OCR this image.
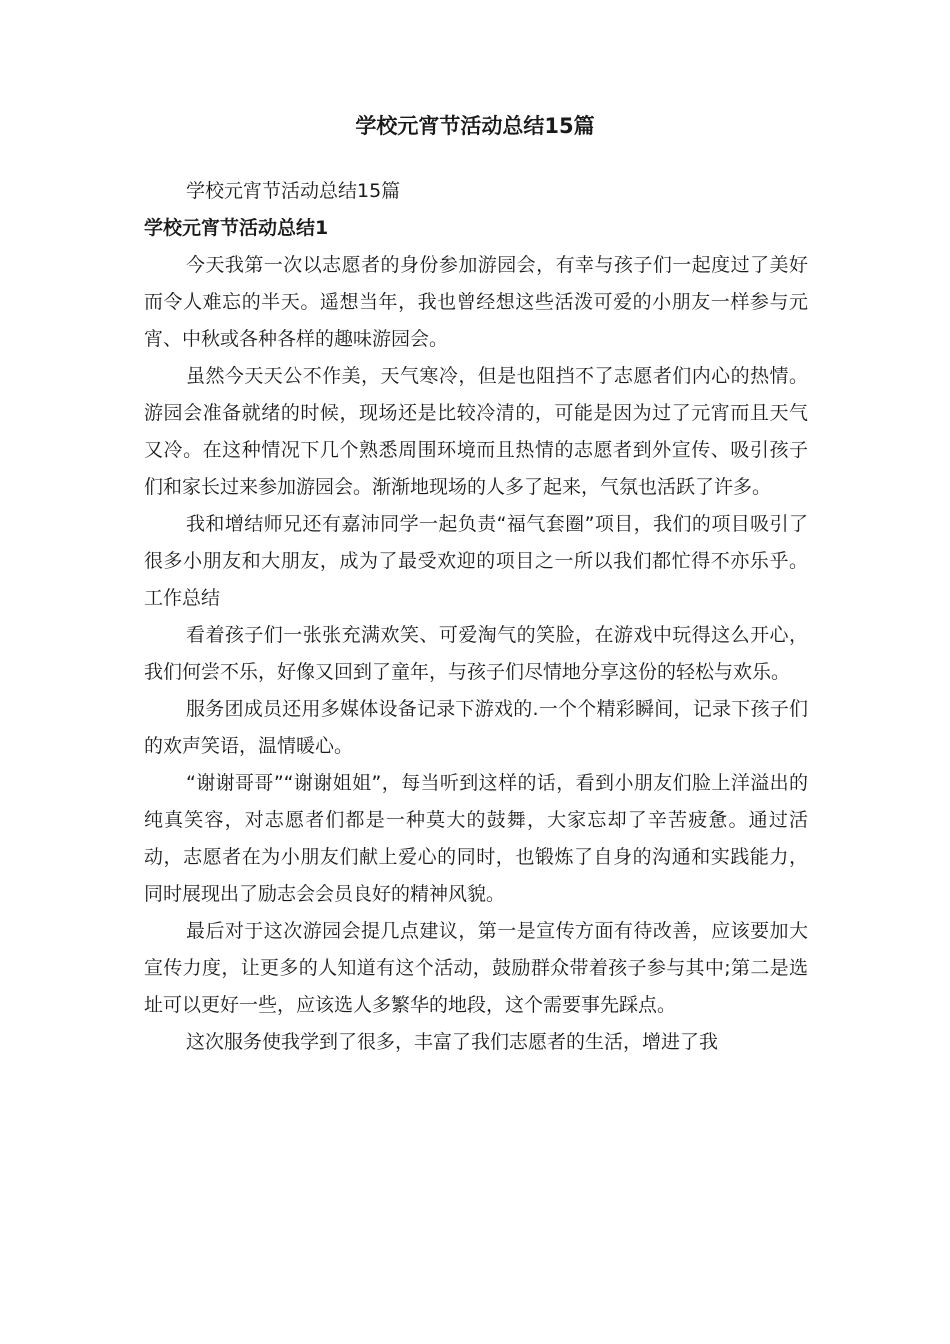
学校元宵节活动总结15篇

学校元宵节活动总结15篇

学校元宵节活动总结1

今天我第一次以志愿者的身份参加游园会，有幸与孩子们一起度过了美好而令人难忘的半天。遥想当年，我也曾经想这些活泼可爱的小朋友一样参与元宵、中秋或各种各样的趣味游园会。

虽然今天天公不作美，天气寒冷，但是也阻挡不了志愿者们内心的热情。游园会准备就绪的时候，现场还是比较冷清的，可能是因为过了元宵而且天气又冷。在这种情况下几个熟悉周围环境而且热情的志愿者到外宣传、吸引孩子们和家长过来参加游园会。渐渐地现场的人多了起来，气氛也活跃了许多。

我和增结师兄还有嘉沛同学一起负责“福气套圈”项目，我们的项目吸引了很多小朋友和大朋友，成为了最受欢迎的项目之一所以我们都忙得不亦乐乎。工作总结

看着孩子们一张张充满欢笑、可爱淘气的笑脸，在游戏中玩得这么开心，我们何尝不乐，好像又回到了童年，与孩子们尽情地分享这份的轻松与欢乐。

服务团成员还用多媒体设备记录下游戏的.一个个精彩瞬间，记录下孩子们的欢声笑语，温情暖心。

“谢谢哥哥”“谢谢姐姐”，每当听到这样的话，看到小朋友们脸上洋溢出的纯真笑容，对志愿者们都是一种莫大的鼓舞，大家忘却了辛苦疲惫。通过活动，志愿者在为小朋友们献上爱心的同时，也锻炼了自身的沟通和实践能力，同时展现出了励志会会员良好的精神风貌。

最后对于这次游园会提几点建议，第一是宣传方面有待改善，应该要加大宣传力度，让更多的人知道有这个活动，鼓励群众带着孩子参与其中;第二是选址可以更好一些，应该选人多繁华的地段，这个需要事先踩点。

这次服务使我学到了很多，丰富了我们志愿者的生活，增进了我
